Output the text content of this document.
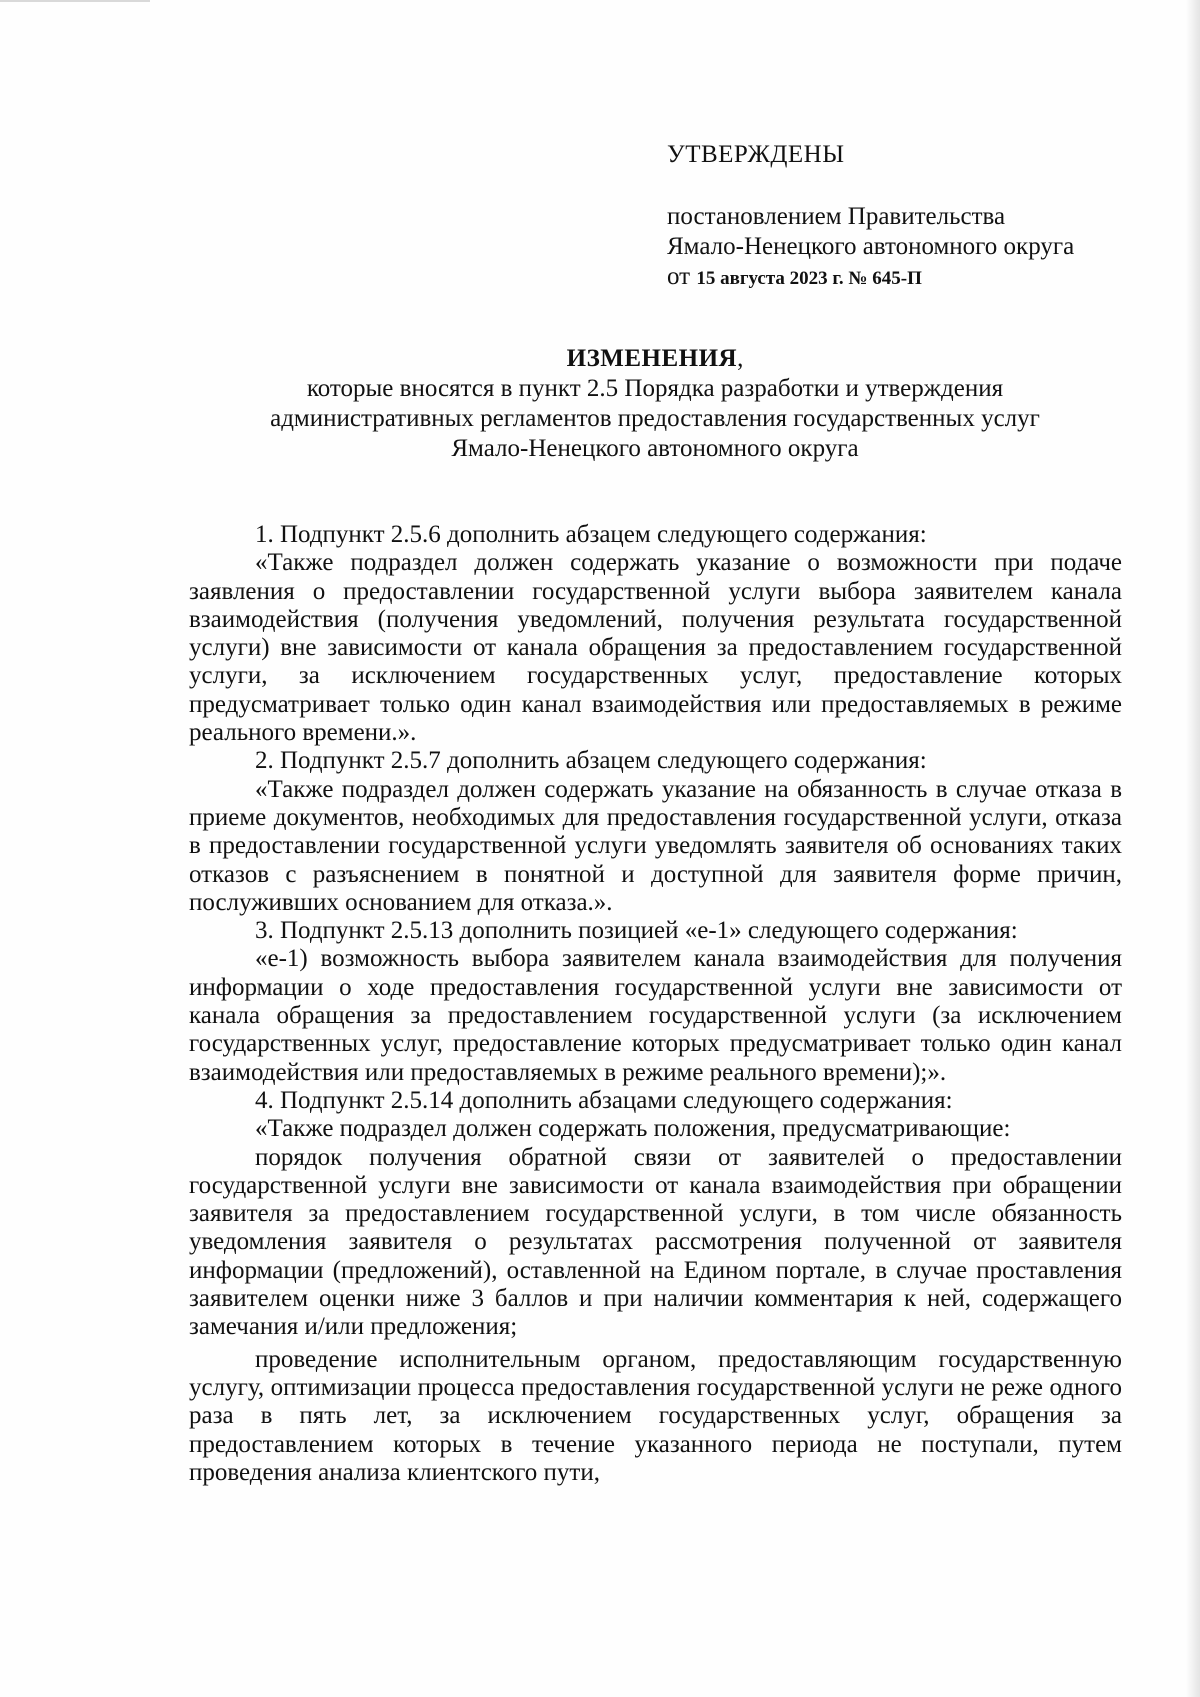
УТВЕРЖДЕНЫ

постановлением Правительства

Ямало-Ненецкого автономного округа

от 15 августа 2023 г. № 645-П

ИЗМЕНЕНИЯ,

которые вносятся в пункт 2.5 Порядка разработки и утверждения

административных регламентов предоставления государственных услуг

Ямало-Ненецкого автономного округа

1. Подпункт 2.5.6 дополнить абзацем следующего содержания:

«Также подраздел должен содержать указание о возможности при подаче заявления о предоставлении государственной услуги выбора заявителем канала взаимодействия (получения уведомлений, получения результата государственной услуги) вне зависимости от канала обращения за предоставлением государственной услуги, за исключением государственных услуг, предоставление которых предусматривает только один канал взаимодействия или предоставляемых в режиме реального времени.».

2. Подпункт 2.5.7 дополнить абзацем следующего содержания:

«Также подраздел должен содержать указание на обязанность в случае отказа в приеме документов, необходимых для предоставления государственной услуги, отказа в предоставлении государственной услуги уведомлять заявителя об основаниях таких отказов с разъяснением в понятной и доступной для заявителя форме причин, послуживших основанием для отказа.».

3. Подпункт 2.5.13 дополнить позицией «е-1» следующего содержания:

«е-1) возможность выбора заявителем канала взаимодействия для получения информации о ходе предоставления государственной услуги вне зависимости от канала обращения за предоставлением государственной услуги (за исключением государственных услуг, предоставление которых предусматривает только один канал взаимодействия или предоставляемых в режиме реального времени);».

4. Подпункт 2.5.14 дополнить абзацами следующего содержания:

«Также подраздел должен содержать положения, предусматривающие:

порядок получения обратной связи от заявителей о предоставлении государственной услуги вне зависимости от канала взаимодействия при обращении заявителя за предоставлением государственной услуги, в том числе обязанность уведомления заявителя о результатах рассмотрения полученной от заявителя информации (предложений), оставленной на Едином портале, в случае проставления заявителем оценки ниже 3 баллов и при наличии комментария к ней, содержащего замечания и/или предложения;

проведение исполнительным органом, предоставляющим государственную услугу, оптимизации процесса предоставления государственной услуги не реже одного раза в пять лет, за исключением государственных услуг, обращения за предоставлением которых в течение указанного периода не поступали, путем проведения анализа клиентского пути,
